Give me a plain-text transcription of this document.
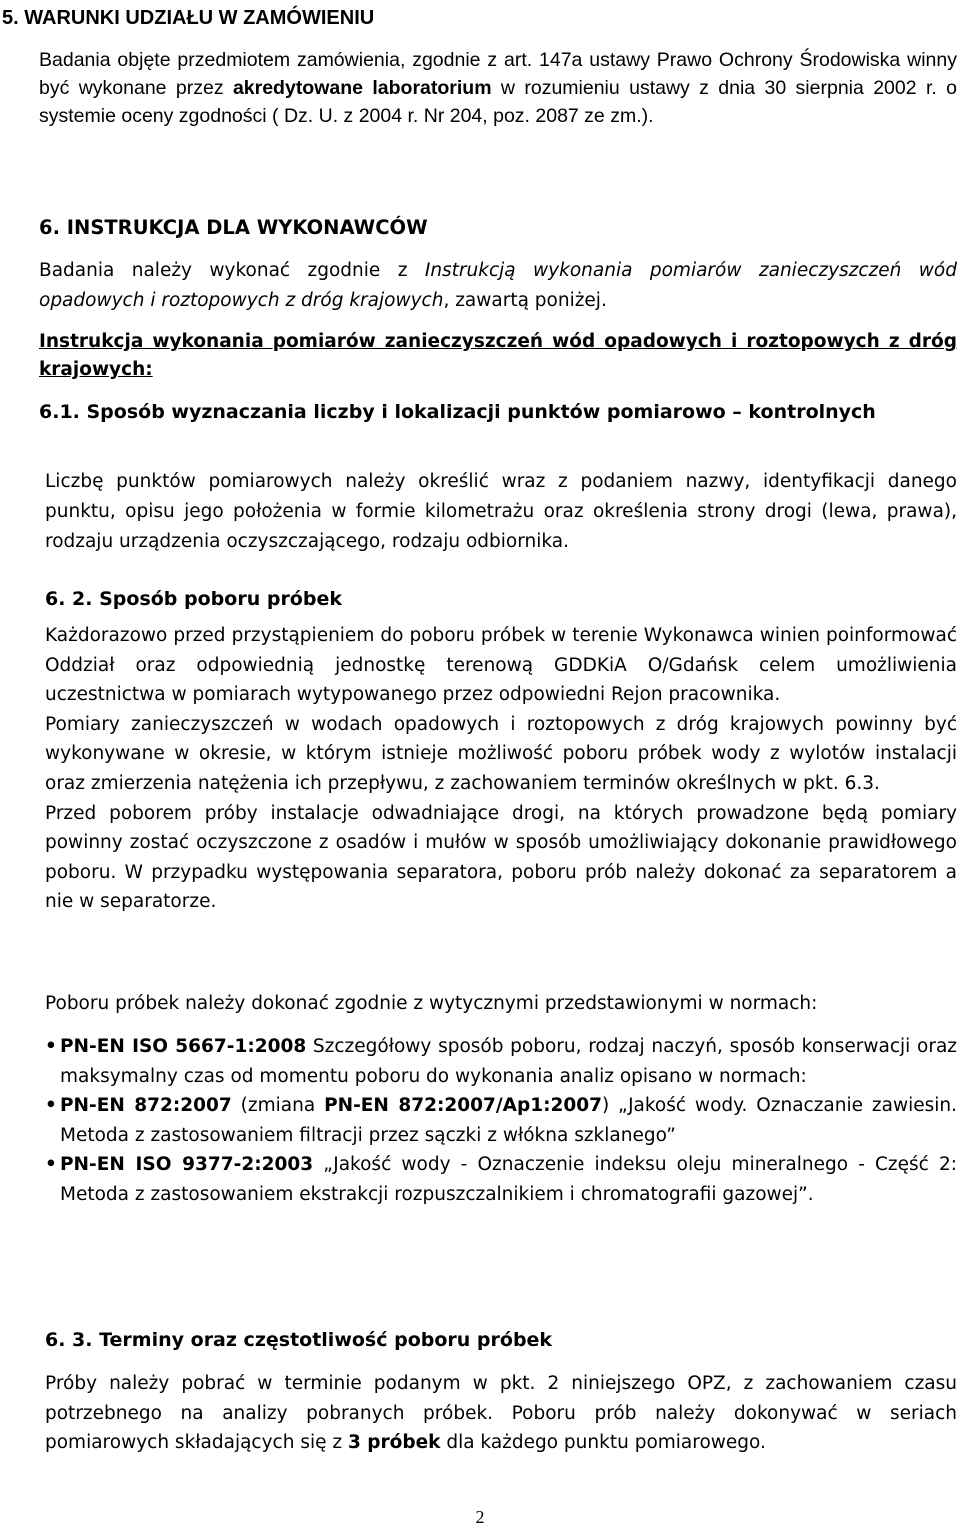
5. WARUNKI UDZIAŁU W ZAMÓWIENIU
Badania objęte przedmiotem zamówienia, zgodnie z art. 147a ustawy Prawo Ochrony Środowiska winny być wykonane przez akredytowane laboratorium w rozumieniu ustawy z dnia 30 sierpnia 2002 r. o systemie oceny zgodności ( Dz. U. z 2004 r. Nr 204, poz. 2087 ze zm.).
6. INSTRUKCJA DLA WYKONAWCÓW
Badania należy wykonać zgodnie z Instrukcją wykonania pomiarów zanieczyszczeń wód opadowych i roztopowych z dróg krajowych, zawartą poniżej.
Instrukcja wykonania pomiarów zanieczyszczeń wód opadowych i roztopowych z dróg krajowych:
6.1. Sposób wyznaczania liczby i lokalizacji punktów pomiarowo – kontrolnych
Liczbę punktów pomiarowych należy określić wraz z podaniem nazwy, identyfikacji danego punktu, opisu jego położenia w formie kilometrażu oraz określenia strony drogi (lewa, prawa), rodzaju urządzenia oczyszczającego, rodzaju odbiornika.
6. 2. Sposób poboru próbek

Każdorazowo przed przystąpieniem do poboru próbek w terenie Wykonawca winien poinformować Oddział oraz odpowiednią jednostkę terenową GDDKiA O/Gdańsk celem umożliwienia uczestnictwa w pomiarach wytypowanego przez odpowiedni Rejon pracownika.

Pomiary zanieczyszczeń w wodach opadowych i roztopowych z dróg krajowych powinny być wykonywane w okresie, w którym istnieje możliwość poboru próbek wody z wylotów instalacji oraz zmierzenia natężenia ich przepływu, z zachowaniem terminów określnych w pkt. 6.3.

Przed poborem próby instalacje odwadniające drogi, na których prowadzone będą pomiary powinny zostać oczyszczone z osadów i mułów w sposób umożliwiający dokonanie prawidłowego poboru. W przypadku występowania separatora, poboru prób należy dokonać za separatorem a nie w separatorze.

Poboru próbek należy dokonać zgodnie z wytycznymi przedstawionymi w normach:
• PN-EN ISO 5667-1:2008 Szczegółowy sposób poboru, rodzaj naczyń, sposób konserwacji oraz maksymalny czas od momentu poboru do wykonania analiz opisano w normach:
• PN-EN 872:2007 (zmiana PN-EN 872:2007/Ap1:2007) „Jakość wody. Oznaczanie zawiesin. Metoda z zastosowaniem filtracji przez sączki z włókna szklanego”
• PN-EN ISO 9377-2:2003 „Jakość wody - Oznaczenie indeksu oleju mineralnego - Część 2: Metoda z zastosowaniem ekstrakcji rozpuszczalnikiem i chromatografii gazowej”.
6. 3. Terminy oraz częstotliwość poboru próbek
Próby należy pobrać w terminie podanym w pkt. 2 niniejszego OPZ, z zachowaniem czasu potrzebnego na analizy pobranych próbek. Poboru prób należy dokonywać w seriach pomiarowych składających się z 3 próbek dla każdego punktu pomiarowego.
2
